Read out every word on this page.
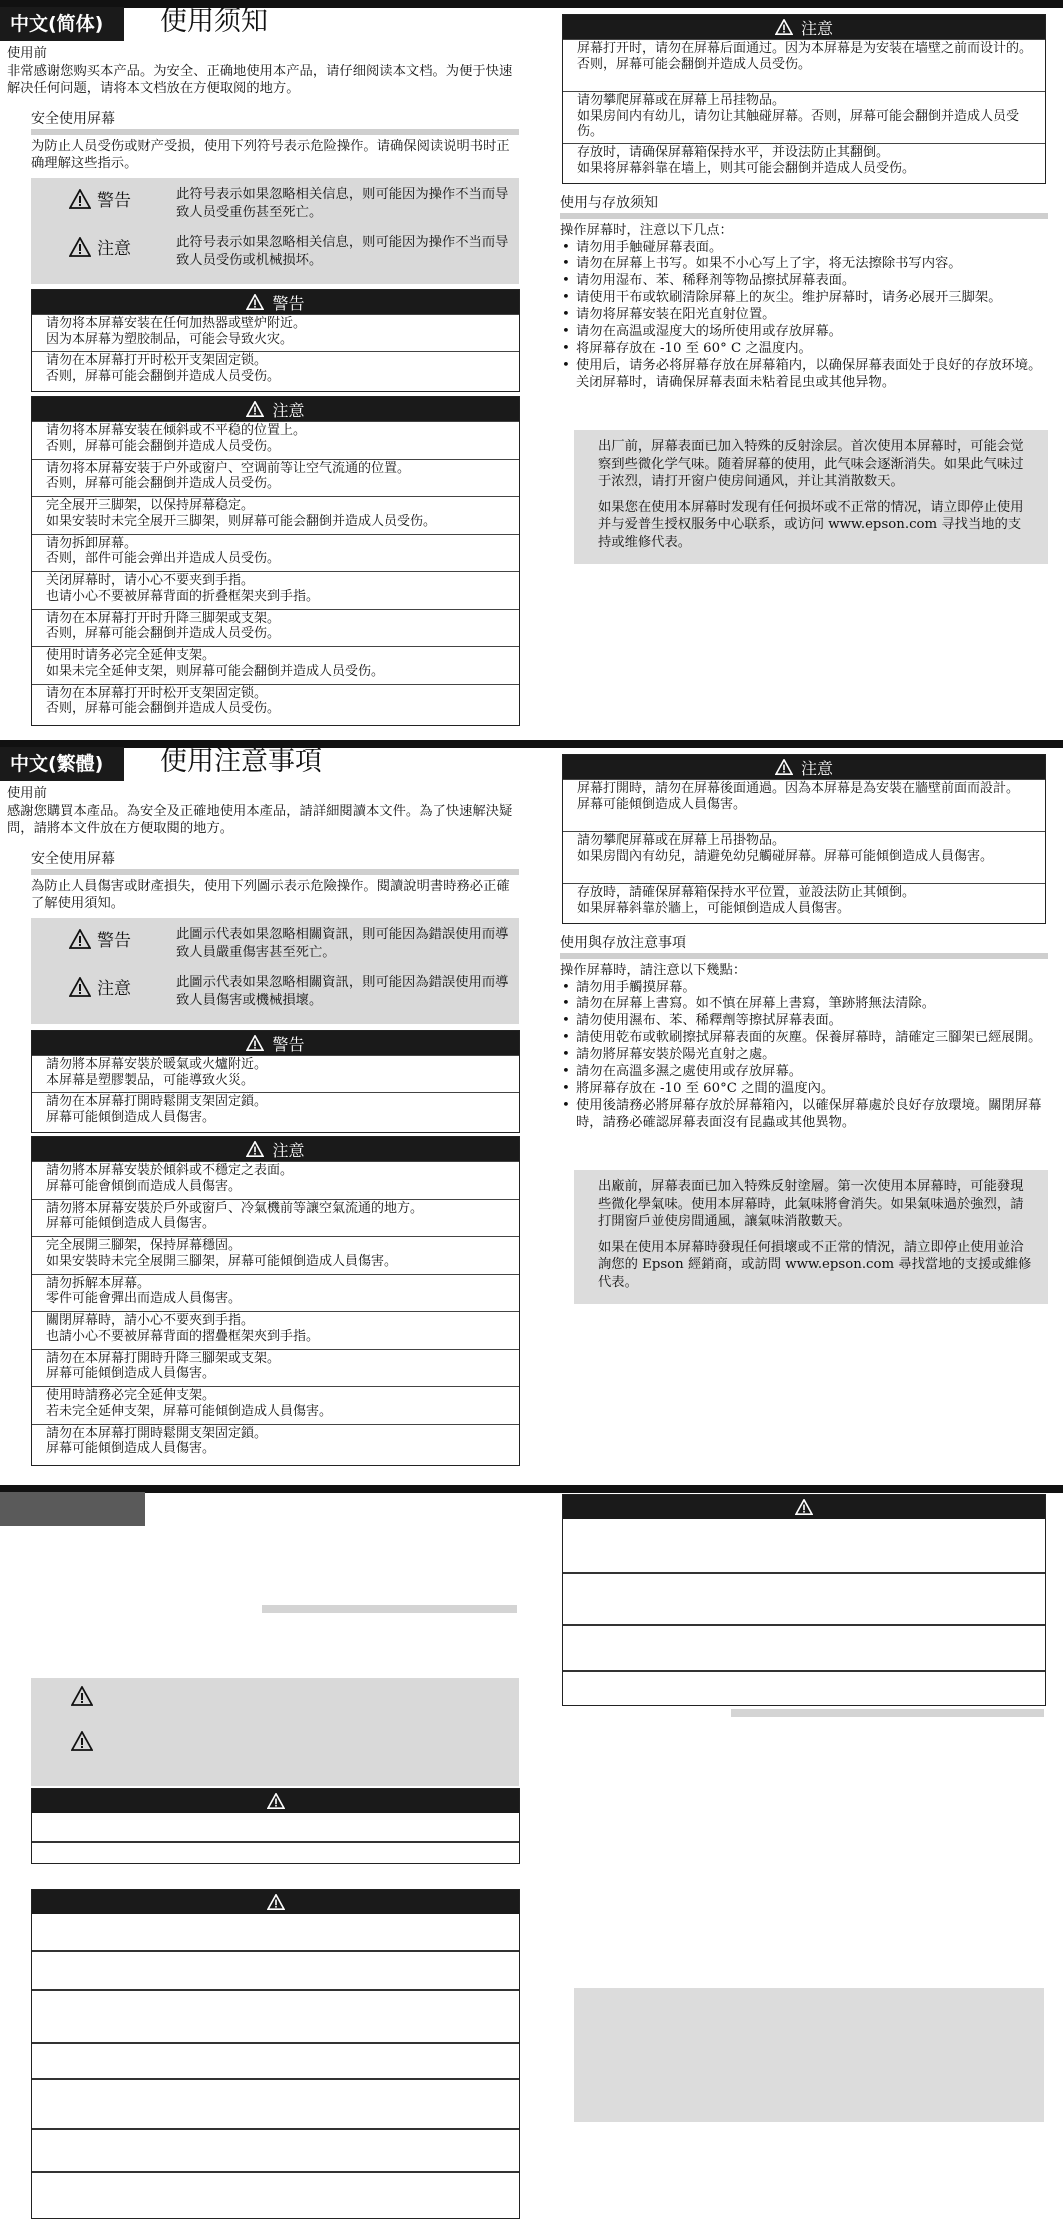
中文(简体)	使用须知
使用前
非常感谢您购买本产品。为安全、正确地使用本产品，请仔细阅读本文档。为便于快速解决任何问题，请将本文档放在方便取阅的地方。
安全使用屏幕
为防止人员受伤或财产受损，使用下列符号表示危险操作。请确保阅读说明书时正确理解这些指示。
警告	此符号表示如果忽略相关信息，则可能因为操作不当而导致人员受重伤甚至死亡。
注意	此符号表示如果忽略相关信息，则可能因为操作不当而导致人员受伤或机械损坏。
警告
请勿将本屏幕安装在任何加热器或壁炉附近。
因为本屏幕为塑胶制品，可能会导致火灾。
请勿在本屏幕打开时松开支架固定锁。
否则，屏幕可能会翻倒并造成人员受伤。
注意
请勿将本屏幕安装在倾斜或不平稳的位置上。
否则，屏幕可能会翻倒并造成人员受伤。
请勿将本屏幕安装于户外或窗户、空调前等让空气流通的位置。
否则，屏幕可能会翻倒并造成人员受伤。
完全展开三脚架，以保持屏幕稳定。
如果安装时未完全展开三脚架，则屏幕可能会翻倒并造成人员受伤。
请勿拆卸屏幕。
否则，部件可能会弹出并造成人员受伤。
关闭屏幕时，请小心不要夹到手指。
也请小心不要被屏幕背面的折叠框架夹到手指。
请勿在本屏幕打开时升降三脚架或支架。
否则，屏幕可能会翻倒并造成人员受伤。
使用时请务必完全延伸支架。
如果未完全延伸支架，则屏幕可能会翻倒并造成人员受伤。
请勿在本屏幕打开时松开支架固定锁。
否则，屏幕可能会翻倒并造成人员受伤。
注意
屏幕打开时，请勿在屏幕后面通过。因为本屏幕是为安装在墙壁之前而设计的。
否则，屏幕可能会翻倒并造成人员受伤。
请勿攀爬屏幕或在屏幕上吊挂物品。
如果房间内有幼儿，请勿让其触碰屏幕。否则，屏幕可能会翻倒并造成人员受伤。
存放时，请确保屏幕箱保持水平，并设法防止其翻倒。
如果将屏幕斜靠在墙上，则其可能会翻倒并造成人员受伤。
使用与存放须知
操作屏幕时，注意以下几点：
• 请勿用手触碰屏幕表面。
• 请勿在屏幕上书写。如果不小心写上了字，将无法擦除书写内容。
• 请勿用湿布、苯、稀释剂等物品擦拭屏幕表面。
• 请使用干布或软刷清除屏幕上的灰尘。维护屏幕时，请务必展开三脚架。
• 请勿将屏幕安装在阳光直射位置。
• 请勿在高温或湿度大的场所使用或存放屏幕。
• 将屏幕存放在 -10 至 60° C 之温度内。
• 使用后，请务必将屏幕存放在屏幕箱内，以确保屏幕表面处于良好的存放环境。关闭屏幕时，请确保屏幕表面未粘着昆虫或其他异物。

出厂前，屏幕表面已加入特殊的反射涂层。首次使用本屏幕时，可能会觉察到些微化学气味。随着屏幕的使用，此气味会逐渐消失。如果此气味过于浓烈，请打开窗户使房间通风，并让其消散数天。

如果您在使用本屏幕时发现有任何损坏或不正常的情况，请立即停止使用并与爱普生授权服务中心联系，或访问 www.epson.com 寻找当地的支持或维修代表。

中文(繁體)	使用注意事項
使用前
感謝您購買本產品。為安全及正確地使用本產品，請詳細閱讀本文件。為了快速解決疑問，請將本文件放在方便取閱的地方。
安全使用屏幕
為防止人員傷害或財產損失，使用下列圖示表示危險操作。閱讀說明書時務必正確了解使用須知。
警告	此圖示代表如果忽略相關資訊，則可能因為錯誤使用而導致人員嚴重傷害甚至死亡。
注意	此圖示代表如果忽略相關資訊，則可能因為錯誤使用而導致人員傷害或機械損壞。
警告
請勿將本屏幕安裝於暖氣或火爐附近。
本屏幕是塑膠製品，可能導致火災。
請勿在本屏幕打開時鬆開支架固定鎖。
屏幕可能傾倒造成人員傷害。
注意
請勿將本屏幕安裝於傾斜或不穩定之表面。
屏幕可能會傾倒而造成人員傷害。
請勿將本屏幕安裝於戶外或窗戶、冷氣機前等讓空氣流通的地方。
屏幕可能傾倒造成人員傷害。
完全展開三腳架，保持屏幕穩固。
如果安裝時未完全展開三腳架，屏幕可能傾倒造成人員傷害。
請勿拆解本屏幕。
零件可能會彈出而造成人員傷害。
關閉屏幕時，請小心不要夾到手指。
也請小心不要被屏幕背面的摺疊框架夾到手指。
請勿在本屏幕打開時升降三腳架或支架。
屏幕可能傾倒造成人員傷害。
使用時請務必完全延伸支架。
若未完全延伸支架，屏幕可能傾倒造成人員傷害。
請勿在本屏幕打開時鬆開支架固定鎖。
屏幕可能傾倒造成人員傷害。
注意
屏幕打開時，請勿在屏幕後面通過。因為本屏幕是為安裝在牆壁前面而設計。
屏幕可能傾倒造成人員傷害。
請勿攀爬屏幕或在屏幕上吊掛物品。
如果房間內有幼兒，請避免幼兒觸碰屏幕。屏幕可能傾倒造成人員傷害。
存放時，請確保屏幕箱保持水平位置，並設法防止其傾倒。
如果屏幕斜靠於牆上，可能傾倒造成人員傷害。
使用與存放注意事項
操作屏幕時，請注意以下幾點：
• 請勿用手觸摸屏幕。
• 請勿在屏幕上書寫。如不慎在屏幕上書寫，筆跡將無法清除。
• 請勿使用濕布、苯、稀釋劑等擦拭屏幕表面。
• 請使用乾布或軟刷擦拭屏幕表面的灰塵。保養屏幕時，請確定三腳架已經展開。
• 請勿將屏幕安裝於陽光直射之處。
• 請勿在高溫多濕之處使用或存放屏幕。
• 將屏幕存放在 -10 至 60°C 之間的溫度內。
• 使用後請務必將屏幕存放於屏幕箱內，以確保屏幕處於良好存放環境。關閉屏幕時，請務必確認屏幕表面沒有昆蟲或其他異物。

出廠前，屏幕表面已加入特殊反射塗層。第一次使用本屏幕時，可能發現些微化學氣味。使用本屏幕時，此氣味將會消失。如果氣味過於強烈，請打開窗戶並使房間通風，讓氣味消散數天。

如果在使用本屏幕時發現任何損壞或不正常的情況，請立即停止使用並洽詢您的 Epson 經銷商，或訪問 www.epson.com 尋找當地的支援或維修代表。
